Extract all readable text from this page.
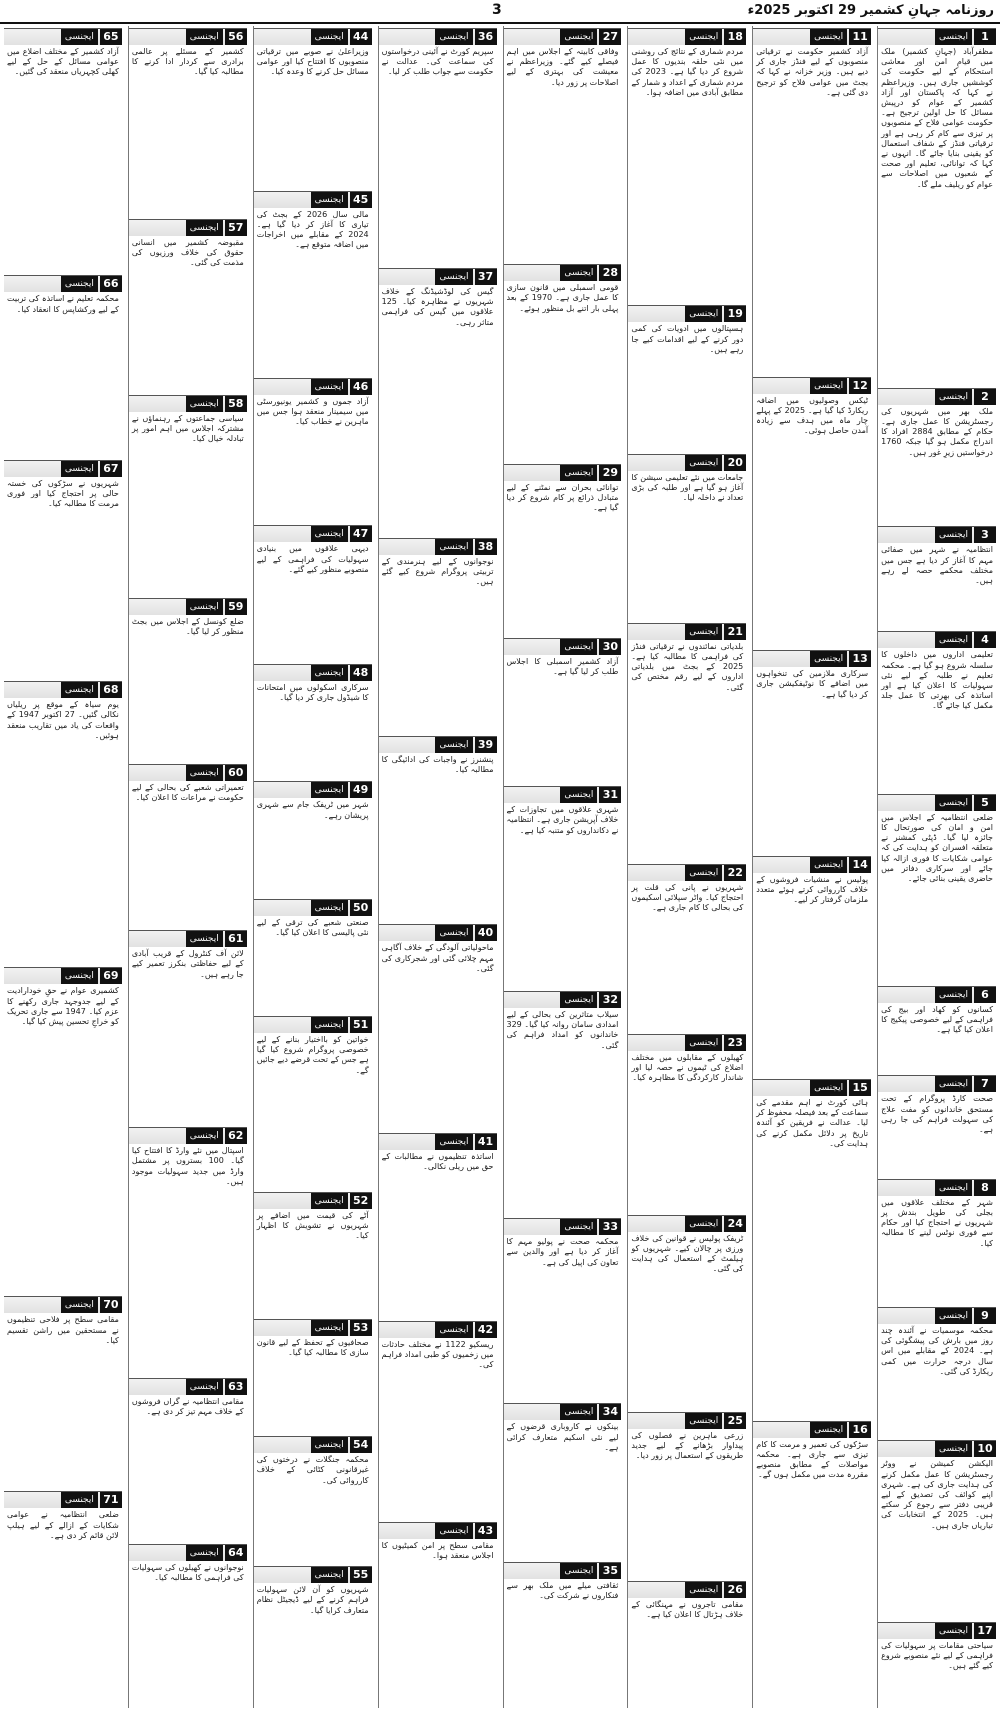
روزنامہ جہانِ کشمیر 29 اکتوبر 2025ء
3
1
ایجنسی
مظفرآباد (جہانِ کشمیر) ملک میں قیامِ امن اور معاشی استحکام کے لیے حکومت کی کوششیں جاری ہیں۔ وزیراعظم نے کہا کہ پاکستان اور آزاد کشمیر کے عوام کو درپیش مسائل کا حل اولین ترجیح ہے۔ حکومت عوامی فلاح کے منصوبوں پر تیزی سے کام کر رہی ہے اور ترقیاتی فنڈز کے شفاف استعمال کو یقینی بنایا جائے گا۔ انہوں نے کہا کہ توانائی، تعلیم اور صحت کے شعبوں میں اصلاحات سے عوام کو ریلیف ملے گا۔
2
ایجنسی
ملک بھر میں شہریوں کی رجسٹریشن کا عمل جاری ہے۔ حکام کے مطابق 2884 افراد کا اندراج مکمل ہو گیا جبکہ 1760 درخواستیں زیرِ غور ہیں۔
3
ایجنسی
انتظامیہ نے شہر میں صفائی مہم کا آغاز کر دیا ہے جس میں مختلف محکمے حصہ لے رہے ہیں۔
4
ایجنسی
تعلیمی اداروں میں داخلوں کا سلسلہ شروع ہو گیا ہے۔ محکمہ تعلیم نے طلبہ کے لیے نئی سہولیات کا اعلان کیا ہے اور اساتذہ کی بھرتی کا عمل جلد مکمل کیا جائے گا۔
5
ایجنسی
ضلعی انتظامیہ کے اجلاس میں امن و امان کی صورتحال کا جائزہ لیا گیا۔ ڈپٹی کمشنر نے متعلقہ افسران کو ہدایت کی کہ عوامی شکایات کا فوری ازالہ کیا جائے اور سرکاری دفاتر میں حاضری یقینی بنائی جائے۔
6
ایجنسی
کسانوں کو کھاد اور بیج کی فراہمی کے لیے خصوصی پیکیج کا اعلان کیا گیا ہے۔
7
ایجنسی
صحت کارڈ پروگرام کے تحت مستحق خاندانوں کو مفت علاج کی سہولت فراہم کی جا رہی ہے۔
8
ایجنسی
شہر کے مختلف علاقوں میں بجلی کی طویل بندش پر شہریوں نے احتجاج کیا اور حکام سے فوری نوٹس لینے کا مطالبہ کیا۔
9
ایجنسی
محکمہ موسمیات نے آئندہ چند روز میں بارش کی پیشگوئی کی ہے۔ 2024 کے مقابلے میں اس سال درجہ حرارت میں کمی ریکارڈ کی گئی۔
10
ایجنسی
الیکشن کمیشن نے ووٹر رجسٹریشن کا عمل مکمل کرنے کی ہدایت جاری کی ہے۔ شہری اپنے کوائف کی تصدیق کے لیے قریبی دفتر سے رجوع کر سکتے ہیں۔ 2025 کے انتخابات کی تیاریاں جاری ہیں۔
17
ایجنسی
سیاحتی مقامات پر سہولیات کی فراہمی کے لیے نئے منصوبے شروع کیے گئے ہیں۔
11
ایجنسی
آزاد کشمیر حکومت نے ترقیاتی منصوبوں کے لیے فنڈز جاری کر دیے ہیں۔ وزیر خزانہ نے کہا کہ بجٹ میں عوامی فلاح کو ترجیح دی گئی ہے۔
12
ایجنسی
ٹیکس وصولیوں میں اضافہ ریکارڈ کیا گیا ہے۔ 2025 کے پہلے چار ماہ میں ہدف سے زیادہ آمدن حاصل ہوئی۔
13
ایجنسی
سرکاری ملازمین کی تنخواہوں میں اضافے کا نوٹیفکیشن جاری کر دیا گیا ہے۔
14
ایجنسی
پولیس نے منشیات فروشوں کے خلاف کارروائی کرتے ہوئے متعدد ملزمان گرفتار کر لیے۔
15
ایجنسی
ہائی کورٹ نے اہم مقدمے کی سماعت کے بعد فیصلہ محفوظ کر لیا۔ عدالت نے فریقین کو آئندہ تاریخ پر دلائل مکمل کرنے کی ہدایت کی۔
16
ایجنسی
سڑکوں کی تعمیر و مرمت کا کام تیزی سے جاری ہے۔ محکمہ مواصلات کے مطابق منصوبے مقررہ مدت میں مکمل ہوں گے۔
18
ایجنسی
مردم شماری کے نتائج کی روشنی میں نئی حلقہ بندیوں کا عمل شروع کر دیا گیا ہے۔ 2023 کی مردم شماری کے اعداد و شمار کے مطابق آبادی میں اضافہ ہوا۔
19
ایجنسی
ہسپتالوں میں ادویات کی کمی دور کرنے کے لیے اقدامات کیے جا رہے ہیں۔
20
ایجنسی
جامعات میں نئے تعلیمی سیشن کا آغاز ہو گیا ہے اور طلبہ کی بڑی تعداد نے داخلہ لیا۔
21
ایجنسی
بلدیاتی نمائندوں نے ترقیاتی فنڈز کی فراہمی کا مطالبہ کیا ہے۔ 2025 کے بجٹ میں بلدیاتی اداروں کے لیے رقم مختص کی گئی۔
22
ایجنسی
شہریوں نے پانی کی قلت پر احتجاج کیا۔ واٹر سپلائی اسکیموں کی بحالی کا کام جاری ہے۔
23
ایجنسی
کھیلوں کے مقابلوں میں مختلف اضلاع کی ٹیموں نے حصہ لیا اور شاندار کارکردگی کا مظاہرہ کیا۔
24
ایجنسی
ٹریفک پولیس نے قوانین کی خلاف ورزی پر چالان کیے۔ شہریوں کو ہیلمٹ کے استعمال کی ہدایت کی گئی۔
25
ایجنسی
زرعی ماہرین نے فصلوں کی پیداوار بڑھانے کے لیے جدید طریقوں کے استعمال پر زور دیا۔
26
ایجنسی
مقامی تاجروں نے مہنگائی کے خلاف ہڑتال کا اعلان کیا ہے۔
27
ایجنسی
وفاقی کابینہ کے اجلاس میں اہم فیصلے کیے گئے۔ وزیراعظم نے معیشت کی بہتری کے لیے اصلاحات پر زور دیا۔
28
ایجنسی
قومی اسمبلی میں قانون سازی کا عمل جاری ہے۔ 1970 کے بعد پہلی بار اتنے بل منظور ہوئے۔
29
ایجنسی
توانائی بحران سے نمٹنے کے لیے متبادل ذرائع پر کام شروع کر دیا گیا ہے۔
30
ایجنسی
آزاد کشمیر اسمبلی کا اجلاس طلب کر لیا گیا ہے۔
31
ایجنسی
شہری علاقوں میں تجاوزات کے خلاف آپریشن جاری ہے۔ انتظامیہ نے دکانداروں کو متنبہ کیا ہے۔
32
ایجنسی
سیلاب متاثرین کی بحالی کے لیے امدادی سامان روانہ کیا گیا۔ 329 خاندانوں کو امداد فراہم کی گئی۔
33
ایجنسی
محکمہ صحت نے پولیو مہم کا آغاز کر دیا ہے اور والدین سے تعاون کی اپیل کی ہے۔
34
ایجنسی
بینکوں نے کاروباری قرضوں کے لیے نئی اسکیم متعارف کرائی ہے۔
35
ایجنسی
ثقافتی میلے میں ملک بھر سے فنکاروں نے شرکت کی۔
36
ایجنسی
سپریم کورٹ نے آئینی درخواستوں کی سماعت کی۔ عدالت نے حکومت سے جواب طلب کر لیا۔
37
ایجنسی
گیس کی لوڈشیڈنگ کے خلاف شہریوں نے مظاہرہ کیا۔ 125 علاقوں میں گیس کی فراہمی متاثر رہی۔
38
ایجنسی
نوجوانوں کے لیے ہنرمندی کے تربیتی پروگرام شروع کیے گئے ہیں۔
39
ایجنسی
پنشنرز نے واجبات کی ادائیگی کا مطالبہ کیا۔
40
ایجنسی
ماحولیاتی آلودگی کے خلاف آگاہی مہم چلائی گئی اور شجرکاری کی گئی۔
41
ایجنسی
اساتذہ تنظیموں نے مطالبات کے حق میں ریلی نکالی۔
42
ایجنسی
ریسکیو 1122 نے مختلف حادثات میں زخمیوں کو طبی امداد فراہم کی۔
43
ایجنسی
مقامی سطح پر امن کمیٹیوں کا اجلاس منعقد ہوا۔
44
ایجنسی
وزیراعلیٰ نے صوبے میں ترقیاتی منصوبوں کا افتتاح کیا اور عوامی مسائل حل کرنے کا وعدہ کیا۔
45
ایجنسی
مالی سال 2026 کے بجٹ کی تیاری کا آغاز کر دیا گیا ہے۔ 2024 کے مقابلے میں اخراجات میں اضافہ متوقع ہے۔
46
ایجنسی
آزاد جموں و کشمیر یونیورسٹی میں سیمینار منعقد ہوا جس میں ماہرین نے خطاب کیا۔
47
ایجنسی
دیہی علاقوں میں بنیادی سہولیات کی فراہمی کے لیے منصوبے منظور کیے گئے۔
48
ایجنسی
سرکاری اسکولوں میں امتحانات کا شیڈول جاری کر دیا گیا۔
49
ایجنسی
شہر میں ٹریفک جام سے شہری پریشان رہے۔
50
ایجنسی
صنعتی شعبے کی ترقی کے لیے نئی پالیسی کا اعلان کیا گیا۔
51
ایجنسی
خواتین کو بااختیار بنانے کے لیے خصوصی پروگرام شروع کیا گیا ہے جس کے تحت قرضے دیے جائیں گے۔
52
ایجنسی
آٹے کی قیمت میں اضافے پر شہریوں نے تشویش کا اظہار کیا۔
53
ایجنسی
صحافیوں کے تحفظ کے لیے قانون سازی کا مطالبہ کیا گیا۔
54
ایجنسی
محکمہ جنگلات نے درختوں کی غیرقانونی کٹائی کے خلاف کارروائی کی۔
55
ایجنسی
شہریوں کو آن لائن سہولیات فراہم کرنے کے لیے ڈیجیٹل نظام متعارف کرایا گیا۔
56
ایجنسی
کشمیر کے مسئلے پر عالمی برادری سے کردار ادا کرنے کا مطالبہ کیا گیا۔
57
ایجنسی
مقبوضہ کشمیر میں انسانی حقوق کی خلاف ورزیوں کی مذمت کی گئی۔
58
ایجنسی
سیاسی جماعتوں کے رہنماؤں نے مشترکہ اجلاس میں اہم امور پر تبادلہ خیال کیا۔
59
ایجنسی
ضلع کونسل کے اجلاس میں بجٹ منظور کر لیا گیا۔
60
ایجنسی
تعمیراتی شعبے کی بحالی کے لیے حکومت نے مراعات کا اعلان کیا۔
61
ایجنسی
لائن آف کنٹرول کے قریب آبادی کے لیے حفاظتی بنکرز تعمیر کیے جا رہے ہیں۔
62
ایجنسی
اسپتال میں نئے وارڈ کا افتتاح کیا گیا۔ 100 بستروں پر مشتمل وارڈ میں جدید سہولیات موجود ہیں۔
63
ایجنسی
مقامی انتظامیہ نے گراں فروشوں کے خلاف مہم تیز کر دی ہے۔
64
ایجنسی
نوجوانوں نے کھیلوں کی سہولیات کی فراہمی کا مطالبہ کیا۔
65
ایجنسی
آزاد کشمیر کے مختلف اضلاع میں عوامی مسائل کے حل کے لیے کھلی کچہریاں منعقد کی گئیں۔
66
ایجنسی
محکمہ تعلیم نے اساتذہ کی تربیت کے لیے ورکشاپس کا انعقاد کیا۔
67
ایجنسی
شہریوں نے سڑکوں کی خستہ حالی پر احتجاج کیا اور فوری مرمت کا مطالبہ کیا۔
68
ایجنسی
یوم سیاہ کے موقع پر ریلیاں نکالی گئیں۔ 27 اکتوبر 1947 کے واقعات کی یاد میں تقاریب منعقد ہوئیں۔
69
ایجنسی
کشمیری عوام نے حقِ خودارادیت کے لیے جدوجہد جاری رکھنے کا عزم کیا۔ 1947 سے جاری تحریک کو خراجِ تحسین پیش کیا گیا۔
70
ایجنسی
مقامی سطح پر فلاحی تنظیموں نے مستحقین میں راشن تقسیم کیا۔
71
ایجنسی
ضلعی انتظامیہ نے عوامی شکایات کے ازالے کے لیے ہیلپ لائن قائم کر دی ہے۔
